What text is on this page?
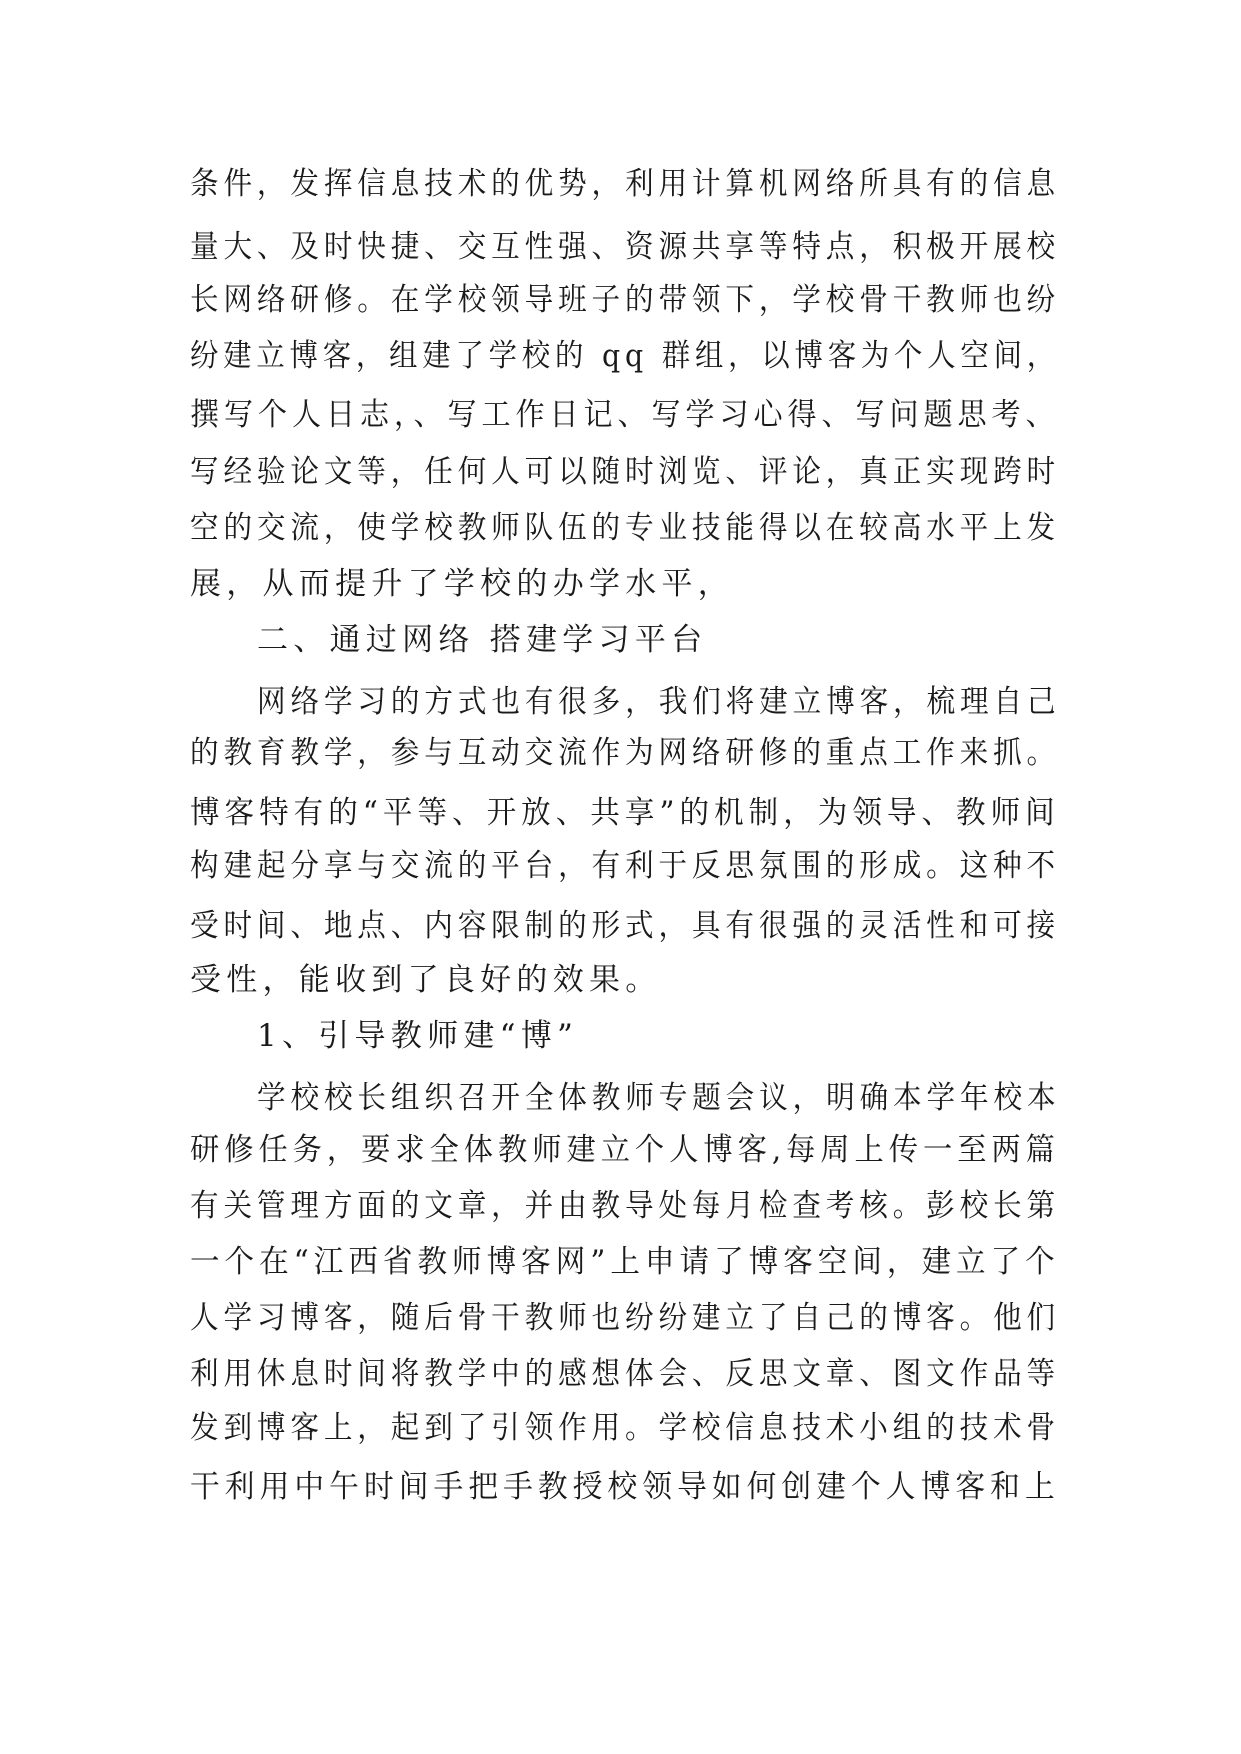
条件，发挥信息技术的优势，利用计算机网络所具有的信息
量大、及时快捷、交互性强、资源共享等特点，积极开展校
长网络研修。在学校领导班子的带领下，学校骨干教师也纷
纷建立博客，组建了学校的 qq 群组，以博客为个人空间，
撰写个人日志，、写工作日记、写学习心得、写问题思考、
写经验论文等，任何人可以随时浏览、评论，真正实现跨时
空的交流，使学校教师队伍的专业技能得以在较高水平上发
展，从而提升了学校的办学水平，
二、通过网络 搭建学习平台
网络学习的方式也有很多，我们将建立博客，梳理自己
的教育教学，参与互动交流作为网络研修的重点工作来抓。
博客特有的“平等、开放、共享”的机制，为领导、教师间
构建起分享与交流的平台，有利于反思氛围的形成。这种不
受时间、地点、内容限制的形式，具有很强的灵活性和可接
受性，能收到了良好的效果。
1、引导教师建“博”
学校校长组织召开全体教师专题会议，明确本学年校本
研修任务，要求全体教师建立个人博客,每周上传一至两篇
有关管理方面的文章，并由教导处每月检查考核。彭校长第
一个在“江西省教师博客网”上申请了博客空间，建立了个
人学习博客，随后骨干教师也纷纷建立了自己的博客。他们
利用休息时间将教学中的感想体会、反思文章、图文作品等
发到博客上，起到了引领作用。学校信息技术小组的技术骨
干利用中午时间手把手教授校领导如何创建个人博客和上
